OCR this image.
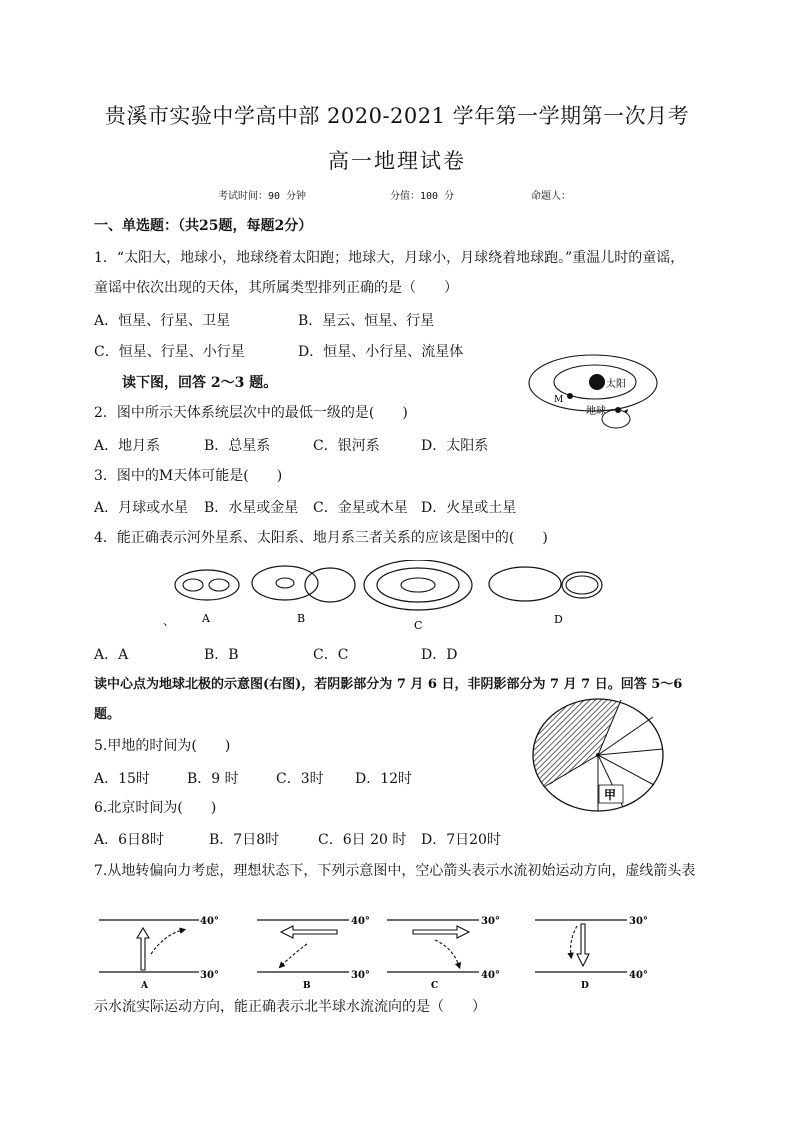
贵溪市实验中学高中部 2020-2021 学年第一学期第一次月考
高一地理试卷
考试时间：90 分钟	分值：100 分	命题人：
一、单选题：（共25题，每题2分）
1．“太阳大，地球小，地球绕着太阳跑；地球大，月球小，月球绕着地球跑。”重温儿时的童谣，
童谣中依次出现的天体，其所属类型排列正确的是（　　）
A．恒星、行星、卫星	B．星云、恒星、行星
C．恒星、行星、小行星	D．恒星、小行星、流星体
读下图，回答 2～3 题。	太阳
M
地球
2．图中所示天体系统层次中的最低一级的是(　　)
A．地月系	B．总星系	C．银河系	D．太阳系
3．图中的M天体可能是(　　)
A．月球或水星 B．水星或金星 C．金星或木星 D．火星或土星
4．能正确表示河外星系、太阳系、地月系三者关系的应该是图中的(　　)
A	B
C	D
、
A．A	B．B	C．C	D．D
读中心点为地球北极的示意图(右图)，若阴影部分为 7 月 6 日，非阴影部分为 7 月 7 日。回答 5～6
题。
甲
5.甲地的时间为(　　)
A．15时	B．9 时	C．3时 D．12时
6.北京时间为(　　)
A．6日8时	B．7日8时	C．6日 20 时 D．7日20时
7.从地转偏向力考虑，理想状态下，下列示意图中，空心箭头表示水流初始运动方向，虚线箭头表
40°
30°
A
40°
30°
B
30°
40°
C
30°
40°
D
示水流实际运动方向，能正确表示北半球水流流向的是（　　）
